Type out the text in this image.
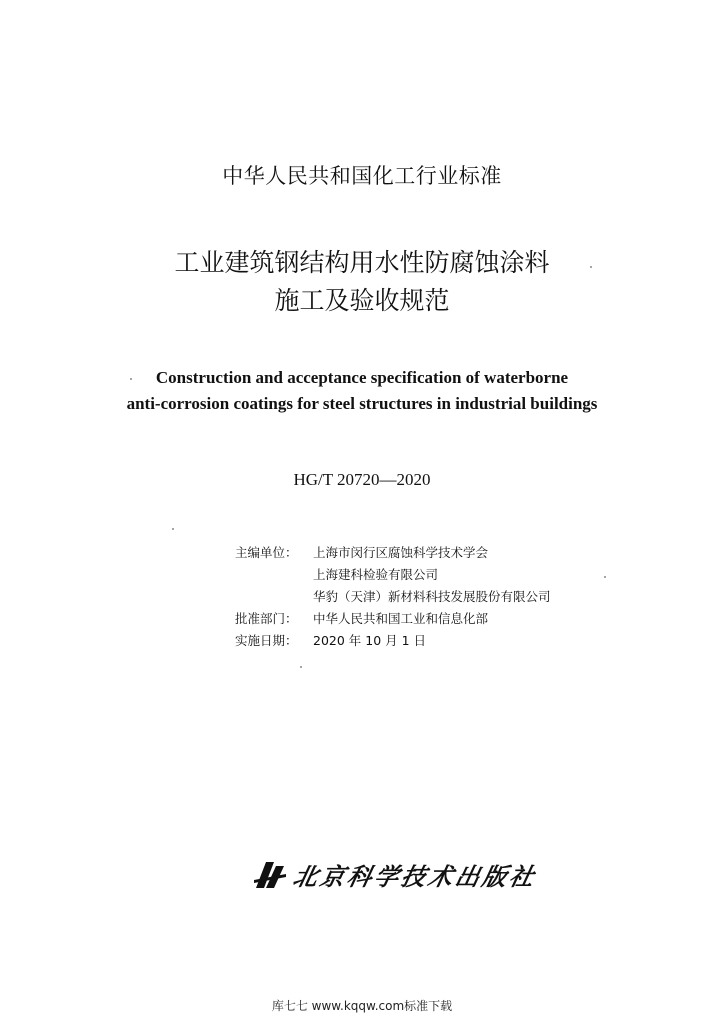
中华人民共和国化工行业标准
工业建筑钢结构用水性防腐蚀涂料
施工及验收规范
Construction and acceptance specification of waterborne
anti-corrosion coatings for steel structures in industrial buildings
HG/T 20720—2020
主编单位：	上海市闵行区腐蚀科学技术学会
上海建科检验有限公司
华豹（天津）新材料科技发展股份有限公司
批准部门：	中华人民共和国工业和信息化部
实施日期：	2020 年 10 月 1 日
北京科学技术出版社
库七七 www.kqqw.com标准下载
